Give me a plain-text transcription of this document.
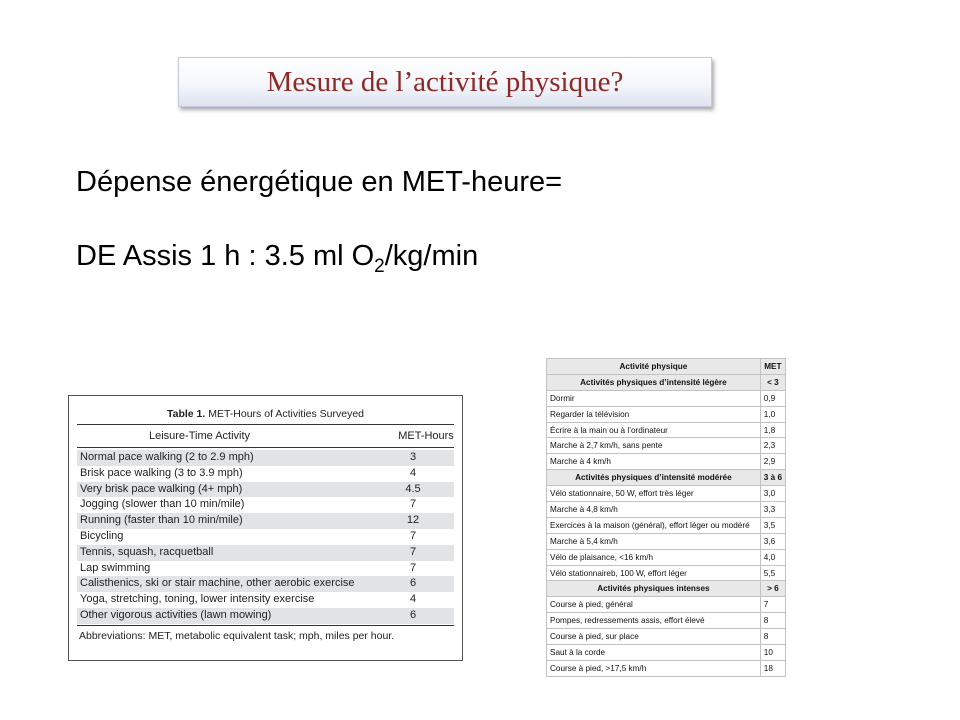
Mesure de l’activité physique?
Dépense énergétique en MET-heure=
DE Assis 1 h : 3.5 ml $O_2/kg/\min$
Table 1. MET-Hours of Activities Surveyed
Leisure-Time Activity	MET-Hours
Normal pace walking (2 to 2.9 mph)	3
Brisk pace walking (3 to 3.9 mph)	4
Very brisk pace walking (4+ mph)	4.5
Jogging (slower than 10 min/mile)	7
Running (faster than 10 min/mile)	12
Bicycling	7
Tennis, squash, racquetball	7
Lap swimming	7
Calisthenics, ski or stair machine, other aerobic exercise	6
Yoga, stretching, toning, lower intensity exercise	4
Other vigorous activities (lawn mowing)	6
Abbreviations: MET, metabolic equivalent task; mph, miles per hour.
Activité physique	MET
Activités physiques d’intensité légère	< 3
Dormir	0,9
Regarder la télévision	1,0
Écrire à la main ou à l’ordinateur	1,8
Marche à 2,7 km/h, sans pente	2,3
Marche à 4 km/h	2,9
Activités physiques d’intensité modérée	3 à 6
Vélo stationnaire, 50 W, effort très léger	3,0
Marche à 4,8 km/h	3,3
Exercices à la maison (général), effort léger ou modéré	3,5
Marche à 5,4 km/h	3,6
Vélo de plaisance, <16 km/h	4,0
Vélo stationnaireb, 100 W, effort léger	5,5
Activités physiques intenses	> 6
Course à pied, général	7
Pompes, redressements assis, effort élevé	8
Course à pied, sur place	8
Saut à la corde	10
Course à pied, >17,5 km/h	18
